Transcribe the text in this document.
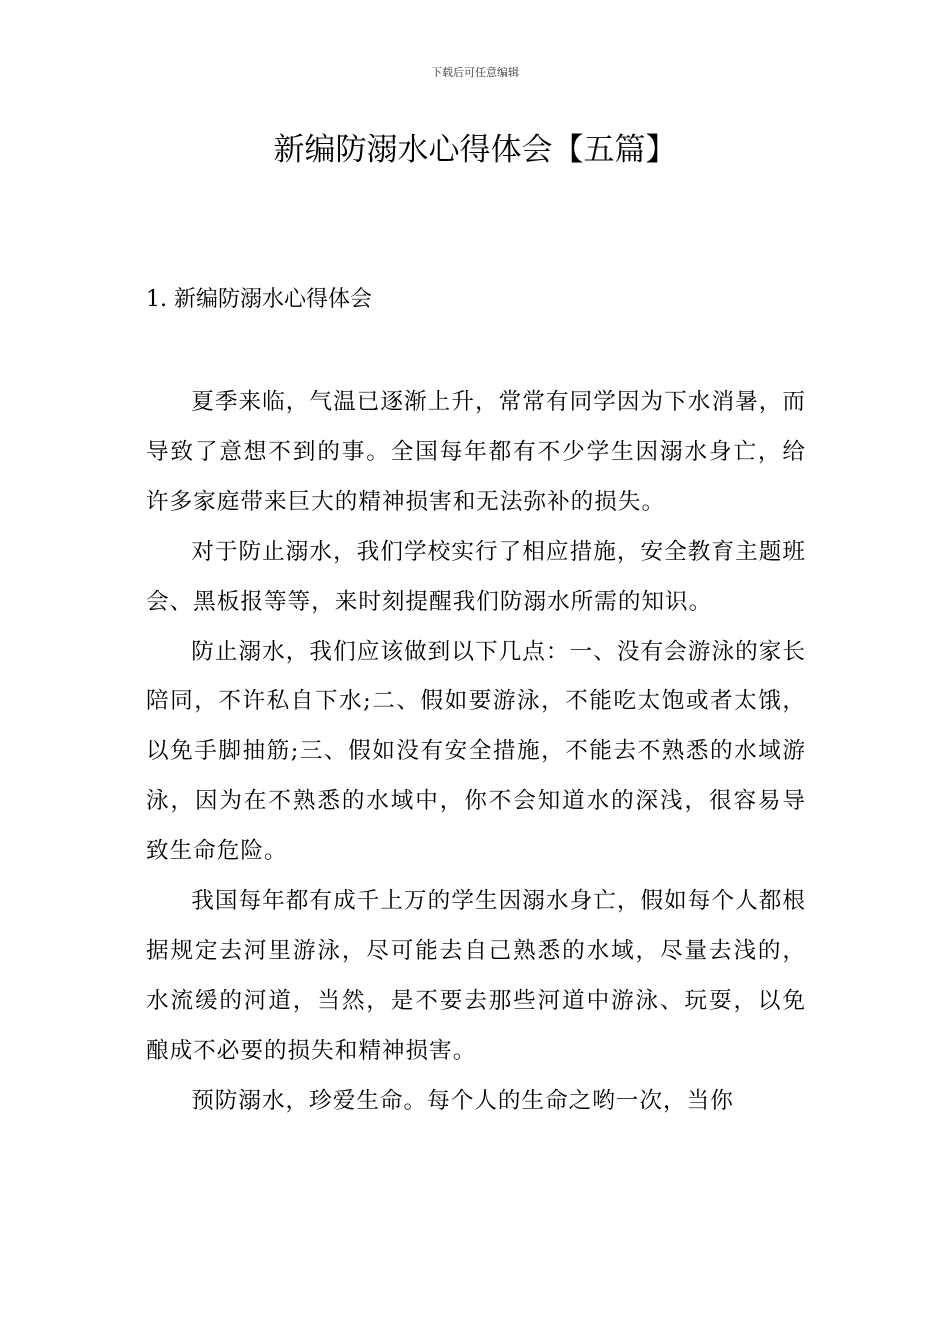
下载后可任意编辑
新编防溺水心得体会【五篇】
1. 新编防溺水心得体会

夏季来临，气温已逐渐上升，常常有同学因为下水消暑，而导致了意想不到的事。全国每年都有不少学生因溺水身亡，给许多家庭带来巨大的精神损害和无法弥补的损失。

对于防止溺水，我们学校实行了相应措施，安全教育主题班会、黑板报等等，来时刻提醒我们防溺水所需的知识。

防止溺水，我们应该做到以下几点：一、没有会游泳的家长陪同，不许私自下水;二、假如要游泳，不能吃太饱或者太饿，以免手脚抽筋;三、假如没有安全措施，不能去不熟悉的水域游泳，因为在不熟悉的水域中，你不会知道水的深浅，很容易导致生命危险。

我国每年都有成千上万的学生因溺水身亡，假如每个人都根据规定去河里游泳，尽可能去自己熟悉的水域，尽量去浅的，水流缓的河道，当然，是不要去那些河道中游泳、玩耍，以免酿成不必要的损失和精神损害。

预防溺水，珍爱生命。每个人的生命之哟一次，当你
